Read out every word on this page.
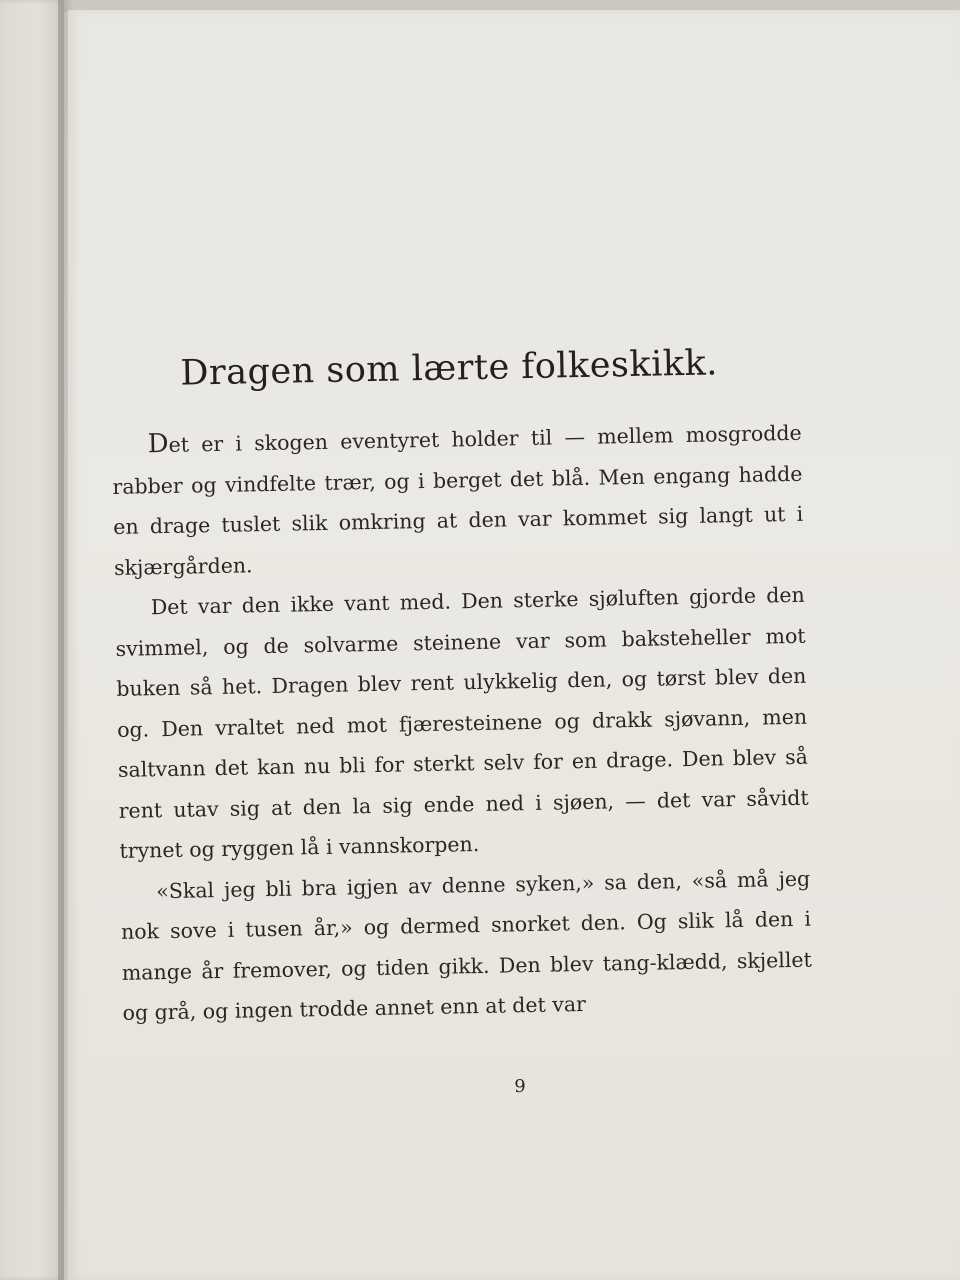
Dragen som lærte folkeskikk.

Det er i skogen eventyret holder til — mellem mosgrodde rabber og vindfelte trær, og i berget det blå. Men engang hadde en drage tuslet slik omkring at den var kommet sig langt ut i skjærgården.

Det var den ikke vant med. Den sterke sjøluften gjorde den svimmel, og de solvarme steinene var som baksteheller mot buken så het. Dragen blev rent ulykkelig den, og tørst blev den og. Den vraltet ned mot fjæresteinene og drakk sjøvann, men saltvann det kan nu bli for sterkt selv for en drage. Den blev så rent utav sig at den la sig ende ned i sjøen, — det var såvidt trynet og ryggen lå i vannskorpen.

«Skal jeg bli bra igjen av denne syken,» sa den, «så må jeg nok sove i tusen år,» og dermed snorket den. Og slik lå den i mange år fremover, og tiden gikk. Den blev tang-klædd, skjellet og grå, og ingen trodde annet enn at det var

9
